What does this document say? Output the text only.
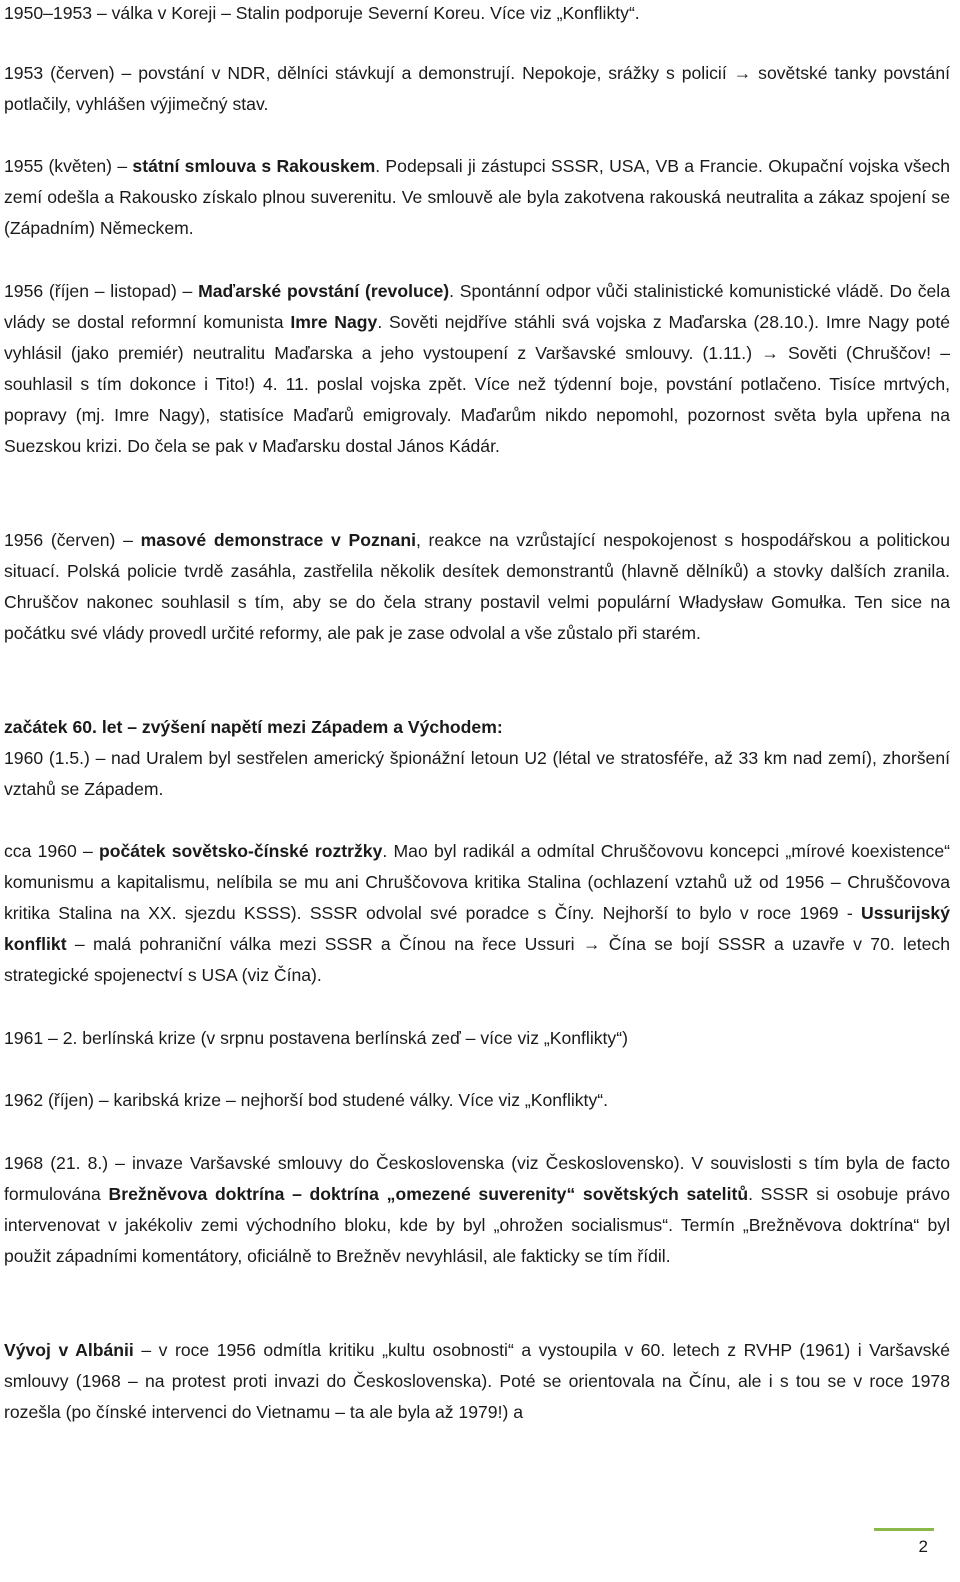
1950–1953 – válka v Koreji – Stalin podporuje Severní Koreu. Více viz „Konflikty“.

1953 (červen) – povstání v NDR, dělníci stávkují a demonstrují. Nepokoje, srážky s policií → sovětské tanky povstání potlačily, vyhlášen výjimečný stav.

1955 (květen) – státní smlouva s Rakouskem. Podepsali ji zástupci SSSR, USA, VB a Francie. Okupační vojska všech zemí odešla a Rakousko získalo plnou suverenitu. Ve smlouvě ale byla zakotvena rakouská neutralita a zákaz spojení se (Západním) Německem.

1956 (říjen – listopad) – Maďarské povstání (revoluce). Spontánní odpor vůči stalinistické komunistické vládě. Do čela vlády se dostal reformní komunista Imre Nagy. Sověti nejdříve stáhli svá vojska z Maďarska (28.10.). Imre Nagy poté vyhlásil (jako premiér) neutralitu Maďarska a jeho vystoupení z Varšavské smlouvy. (1.11.) → Sověti (Chruščov! – souhlasil s tím dokonce i Tito!) 4. 11. poslal vojska zpět. Více než týdenní boje, povstání potlačeno. Tisíce mrtvých, popravy (mj. Imre Nagy), statisíce Maďarů emigrovaly. Maďarům nikdo nepomohl, pozornost světa byla upřena na Suezskou krizi. Do čela se pak v Maďarsku dostal János Kádár.

1956 (červen) – masové demonstrace v Poznani, reakce na vzrůstající nespokojenost s hospodářskou a politickou situací. Polská policie tvrdě zasáhla, zastřelila několik desítek demonstrantů (hlavně dělníků) a stovky dalších zranila. Chruščov nakonec souhlasil s tím, aby se do čela strany postavil velmi populární Władysław Gomułka. Ten sice na počátku své vlády provedl určité reformy, ale pak je zase odvolal a vše zůstalo při starém.

začátek 60. let – zvýšení napětí mezi Západem a Východem:
1960 (1.5.) – nad Uralem byl sestřelen americký špionážní letoun U2 (létal ve stratosféře, až 33 km nad zemí), zhoršení vztahů se Západem.

cca 1960 – počátek sovětsko-čínské roztržky. Mao byl radikál a odmítal Chruščovovu koncepci „mírové koexistence“ komunismu a kapitalismu, nelíbila se mu ani Chruščovova kritika Stalina (ochlazení vztahů už od 1956 – Chruščovova kritika Stalina na XX. sjezdu KSSS). SSSR odvolal své poradce s Číny. Nejhorší to bylo v roce 1969 - Ussurijský konflikt – malá pohraniční válka mezi SSSR a Čínou na řece Ussuri → Čína se bojí SSSR a uzavře v 70. letech strategické spojenectví s USA (viz Čína).

1961 – 2. berlínská krize (v srpnu postavena berlínská zeď – více viz „Konflikty“)

1962 (říjen) – karibská krize – nejhorší bod studené války. Více viz „Konflikty“.

1968 (21. 8.) – invaze Varšavské smlouvy do Československa (viz Československo). V souvislosti s tím byla de facto formulována Brežněvova doktrína – doktrína „omezené suverenity“ sovětských satelitů. SSSR si osobuje právo intervenovat v jakékoliv zemi východního bloku, kde by byl „ohrožen socialismus“. Termín „Brežněvova doktrína“ byl použit západními komentátory, oficiálně to Brežněv nevyhlásil, ale fakticky se tím řídil.

Vývoj v Albánii – v roce 1956 odmítla kritiku „kultu osobnosti“ a vystoupila v 60. letech z RVHP (1961) i Varšavské smlouvy (1968 – na protest proti invazi do Československa). Poté se orientovala na Čínu, ale i s tou se v roce 1978 rozešla (po čínské intervenci do Vietnamu – ta ale byla až 1979!) a

2
